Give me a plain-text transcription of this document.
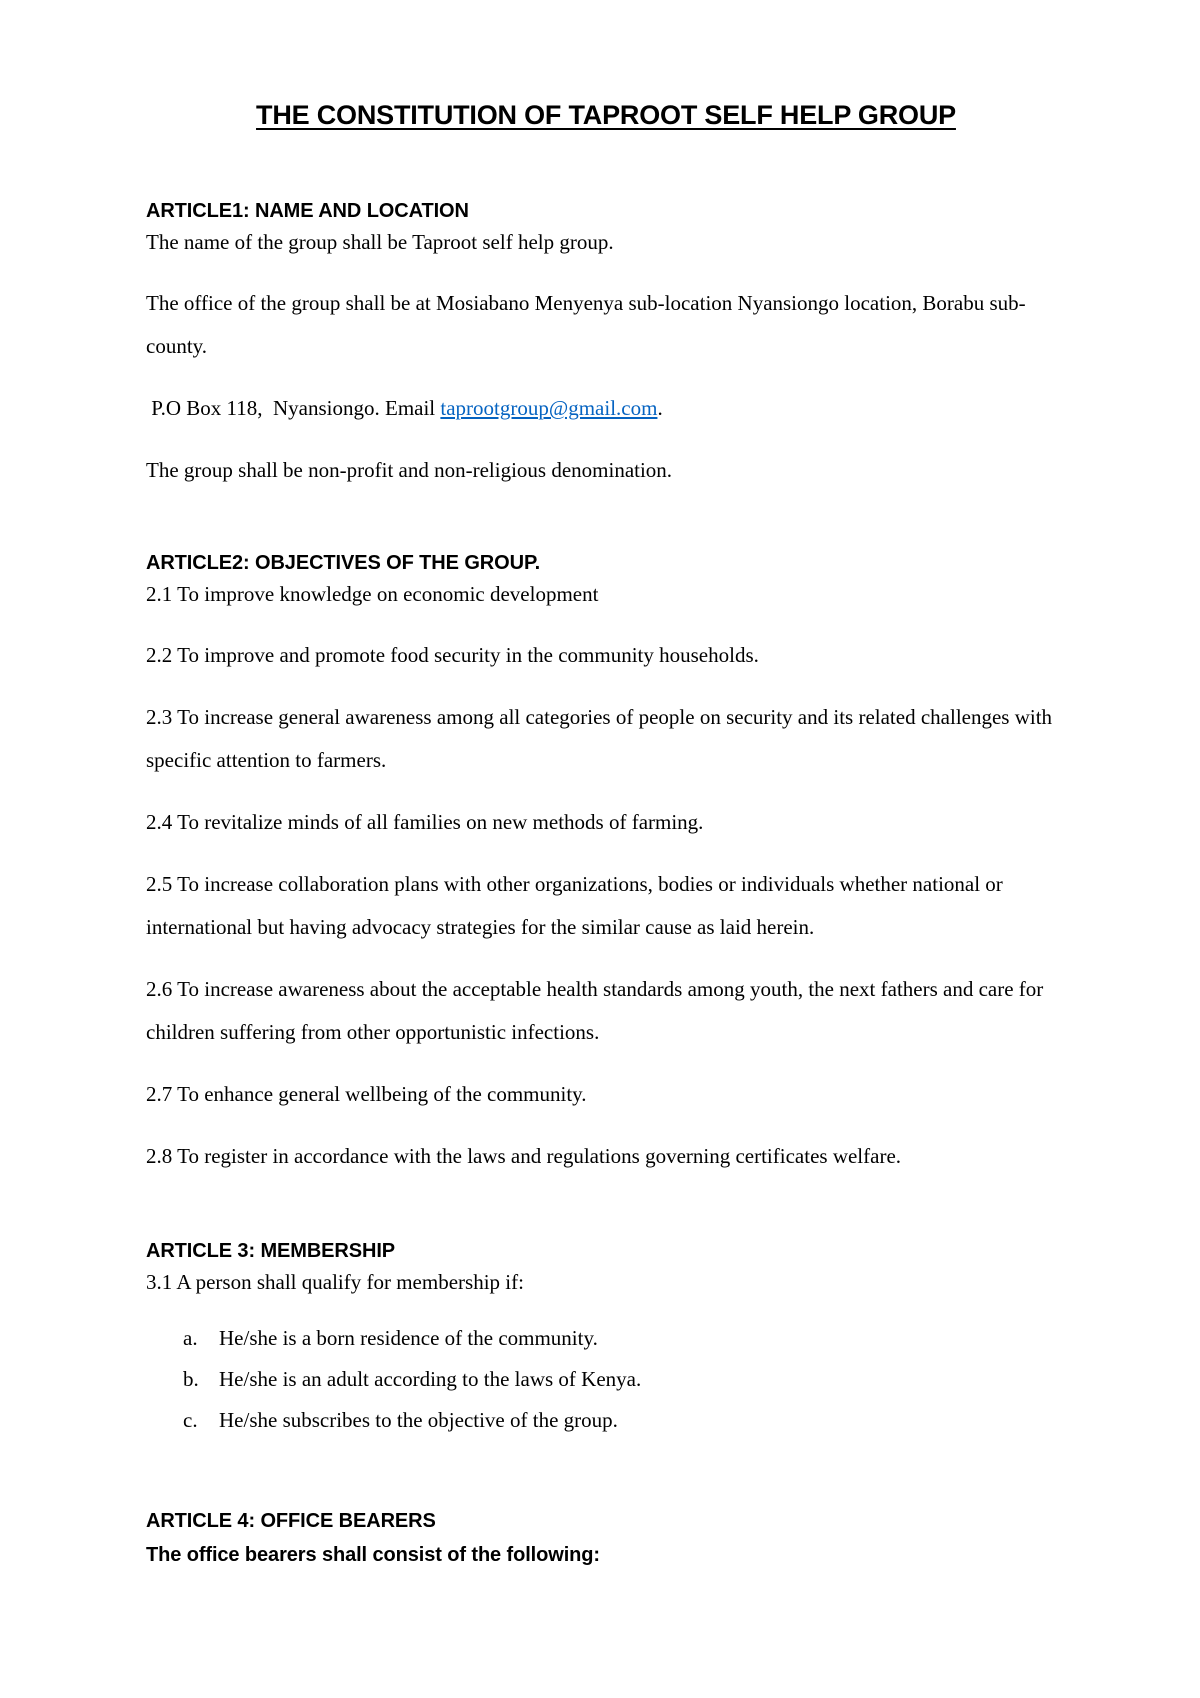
THE CONSTITUTION OF TAPROOT SELF HELP GROUP
ARTICLE1: NAME AND LOCATION

The name of the group shall be Taproot self help group.

The office of the group shall be at Mosiabano Menyenya sub-location Nyansiongo location, Borabu sub-county.

P.O Box 118,  Nyansiongo. Email taprootgroup@gmail.com.

The group shall be non-profit and non-religious denomination.

ARTICLE2: OBJECTIVES OF THE GROUP.

2.1 To improve knowledge on economic development

2.2 To improve and promote food security in the community households.

2.3 To increase general awareness among all categories of people on security and its related challenges with specific attention to farmers.

2.4 To revitalize minds of all families on new methods of farming.

2.5 To increase collaboration plans with other organizations, bodies or individuals whether national or international but having advocacy strategies for the similar cause as laid herein.

2.6 To increase awareness about the acceptable health standards among youth, the next fathers and care for children suffering from other opportunistic infections.

2.7 To enhance general wellbeing of the community.

2.8 To register in accordance with the laws and regulations governing certificates welfare.

ARTICLE 3: MEMBERSHIP

3.1 A person shall qualify for membership if:

a. He/she is a born residence of the community.
b. He/she is an adult according to the laws of Kenya.
c. He/she subscribes to the objective of the group.
ARTICLE 4: OFFICE BEARERS

The office bearers shall consist of the following:
